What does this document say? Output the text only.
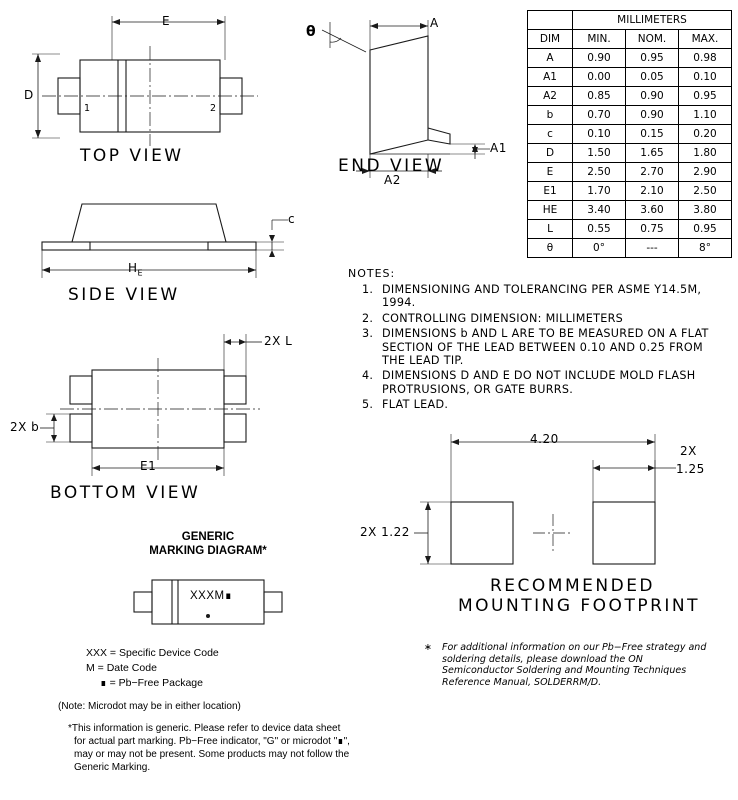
E
D
1	2
TOP VIEW
A
A1
A2
θ
END VIEW
	MILLIMETERS		
DIM	MIN.	NOM.	MAX.
A	0.90	0.95	0.98
A1	0.00	0.05	0.10
A2	0.85	0.90	0.95
b	0.70	0.90	1.10
c	0.10	0.15	0.20
D	1.50	1.65	1.80
E	2.50	2.70	2.90
E1	1.70	2.10	2.50
HE	3.40	3.60	3.80
L	0.55	0.75	0.95
θ	0°	---	8°
c
$H_E$
SIDE VIEW
2X L
2X b
E1
BOTTOM VIEW
NOTES:
1. DIMENSIONING AND TOLERANCING PER ASME Y14.5M, 1994.
2. CONTROLLING DIMENSION: MILLIMETERS
3. DIMENSIONS b AND L ARE TO BE MEASURED ON A FLAT SECTION OF THE LEAD BETWEEN 0.10 AND 0.25 FROM THE LEAD TIP.
4. DIMENSIONS D AND E DO NOT INCLUDE MOLD FLASH PROTRUSIONS, OR GATE BURRS.
5. FLAT LEAD.
4.20
2X
1.25
2X 1.22
RECOMMENDED
MOUNTING FOOTPRINT
∗	For additional information on our Pb−Free strategy and soldering details, please download the ON Semiconductor Soldering and Mounting Techniques Reference Manual, SOLDERRM/D.
GENERIC
MARKING DIAGRAM*
XXXM∎
XXX = Specific Device Code
M = Date Code
∎ = Pb−Free Package
(Note: Microdot may be in either location)
*This information is generic. Please refer to device data sheet for actual part marking. Pb−Free indicator, "G" or microdot "∎", may or may not be present. Some products may not follow the Generic Marking.
